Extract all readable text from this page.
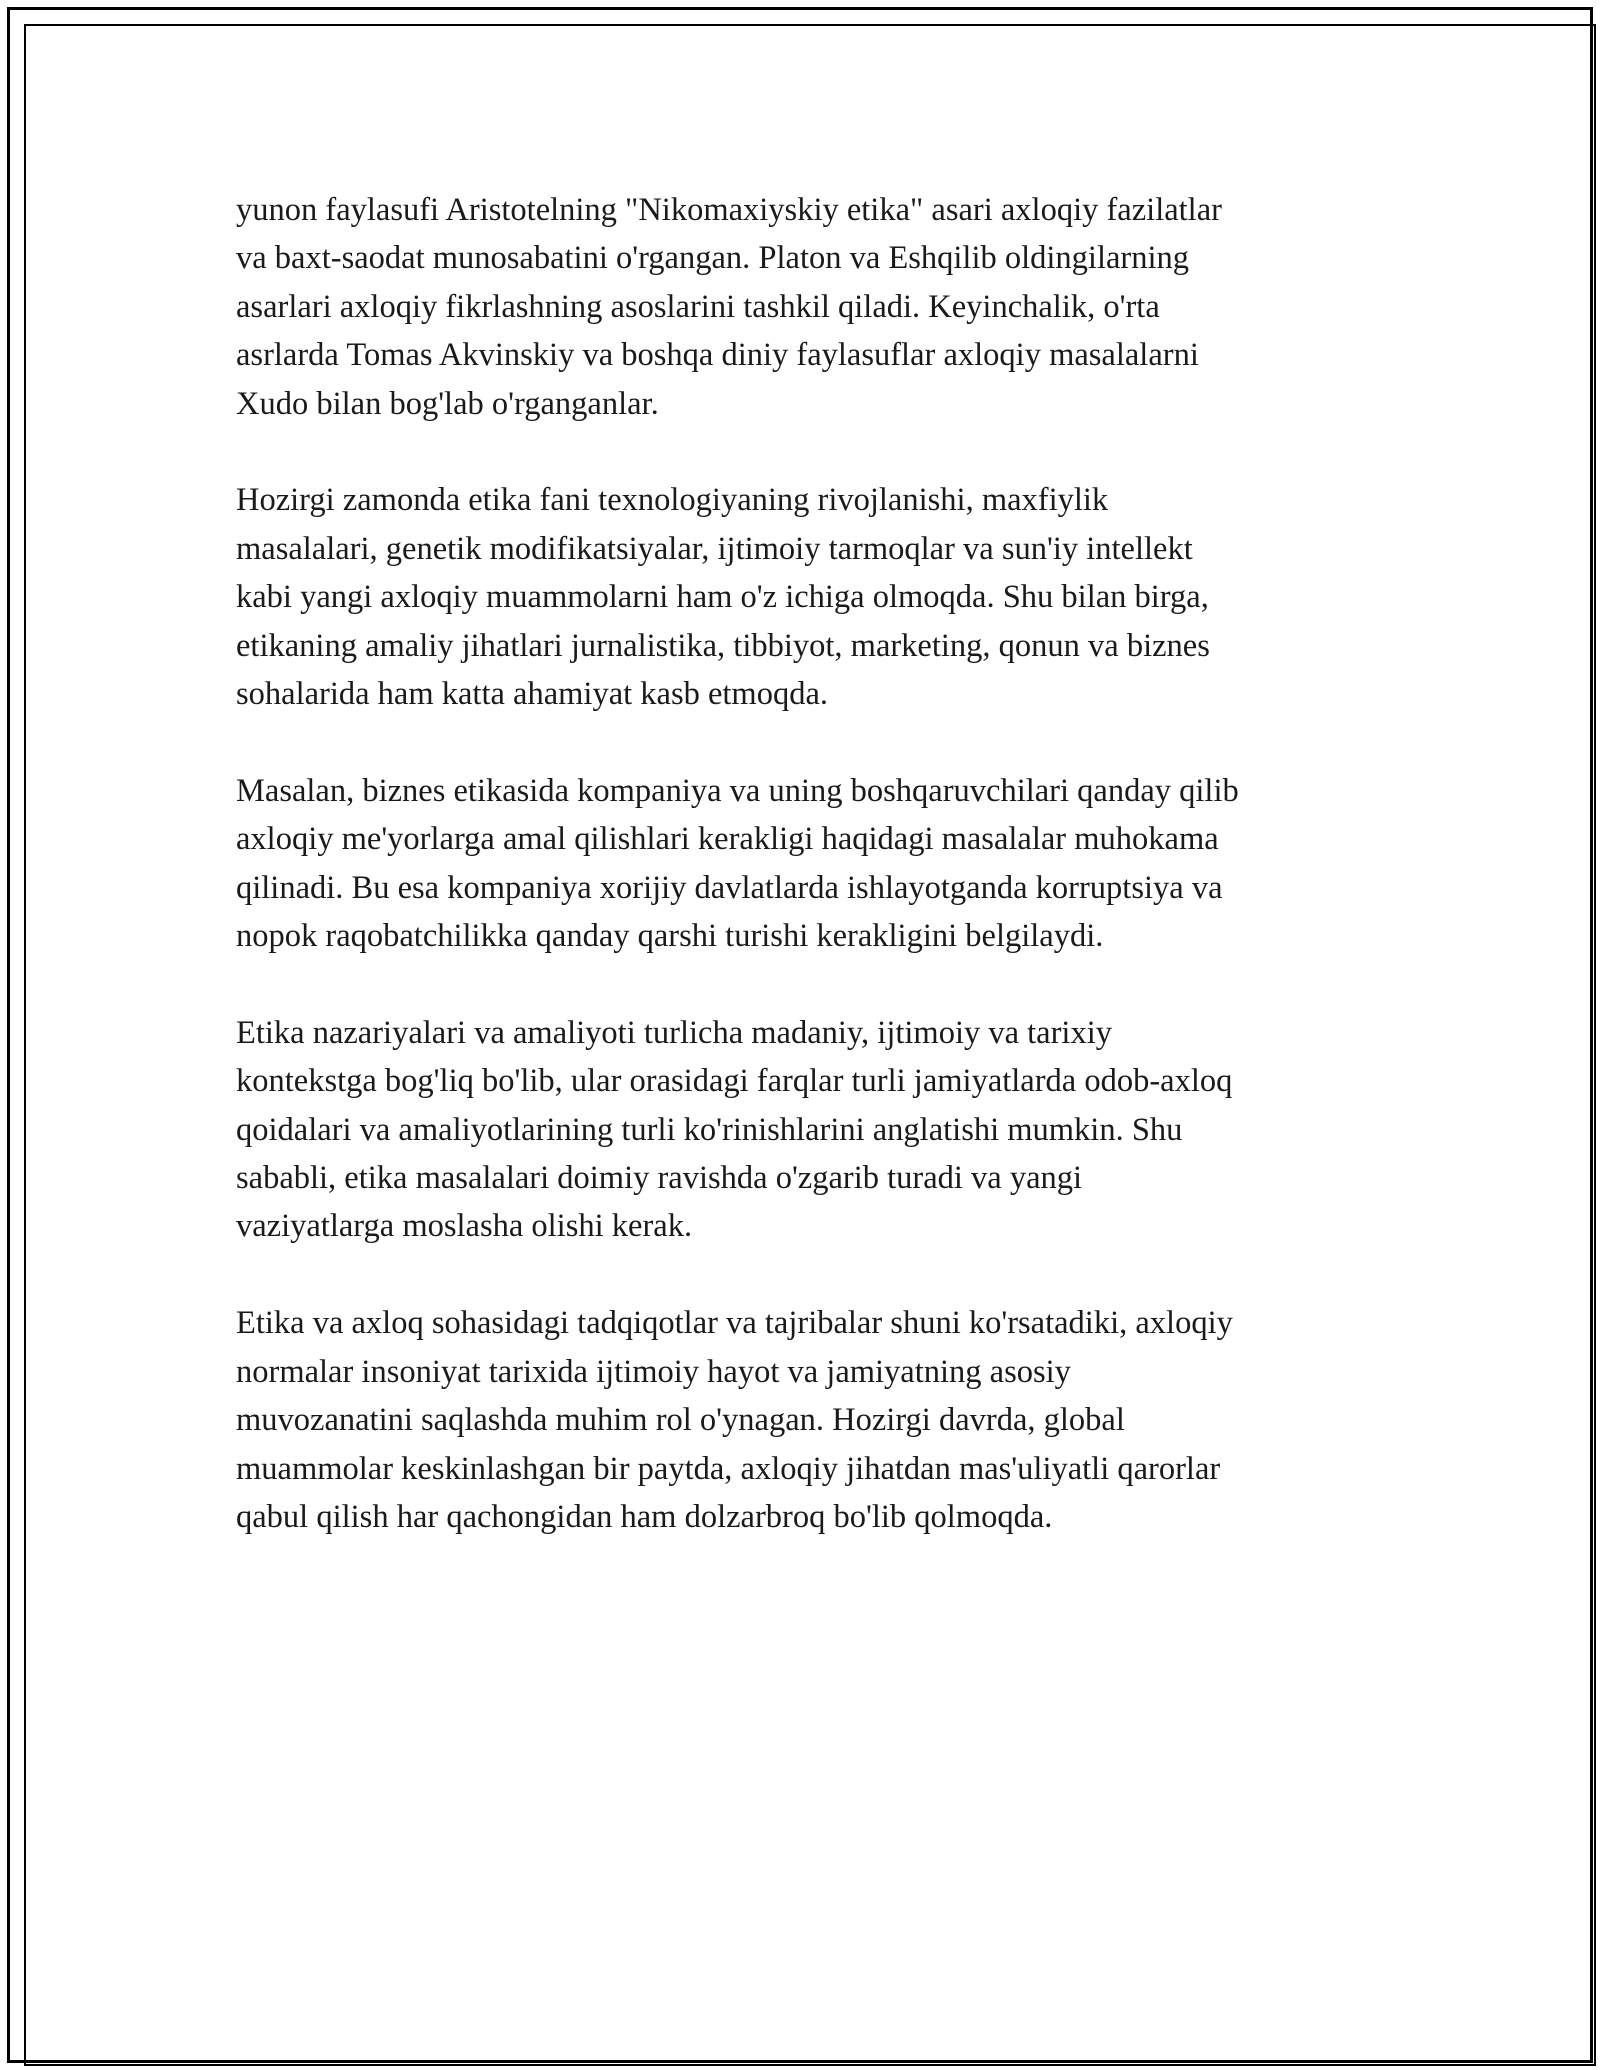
yunon faylasufi Aristotelning "Nikomaxiyskiy etika" asari axloqiy fazilatlar
va baxt-saodat munosabatini o'rgangan. Platon va Eshqilib oldingilarning
asarlari axloqiy fikrlashning asoslarini tashkil qiladi. Keyinchalik, o'rta
asrlarda Tomas Akvinskiy va boshqa diniy faylasuflar axloqiy masalalarni
Xudo bilan bog'lab o'rganganlar.

Hozirgi zamonda etika fani texnologiyaning rivojlanishi, maxfiylik
masalalari, genetik modifikatsiyalar, ijtimoiy tarmoqlar va sun'iy intellekt
kabi yangi axloqiy muammolarni ham o'z ichiga olmoqda. Shu bilan birga,
etikaning amaliy jihatlari jurnalistika, tibbiyot, marketing, qonun va biznes
sohalarida ham katta ahamiyat kasb etmoqda.

Masalan, biznes etikasida kompaniya va uning boshqaruvchilari qanday qilib
axloqiy me'yorlarga amal qilishlari kerakligi haqidagi masalalar muhokama
qilinadi. Bu esa kompaniya xorijiy davlatlarda ishlayotganda korruptsiya va
nopok raqobatchilikka qanday qarshi turishi kerakligini belgilaydi.

Etika nazariyalari va amaliyoti turlicha madaniy, ijtimoiy va tarixiy
kontekstga bog'liq bo'lib, ular orasidagi farqlar turli jamiyatlarda odob-axloq
qoidalari va amaliyotlarining turli ko'rinishlarini anglatishi mumkin. Shu
sababli, etika masalalari doimiy ravishda o'zgarib turadi va yangi
vaziyatlarga moslasha olishi kerak.

Etika va axloq sohasidagi tadqiqotlar va tajribalar shuni ko'rsatadiki, axloqiy
normalar insoniyat tarixida ijtimoiy hayot va jamiyatning asosiy
muvozanatini saqlashda muhim rol o'ynagan. Hozirgi davrda, global
muammolar keskinlashgan bir paytda, axloqiy jihatdan mas'uliyatli qarorlar
qabul qilish har qachongidan ham dolzarbroq bo'lib qolmoqda.
